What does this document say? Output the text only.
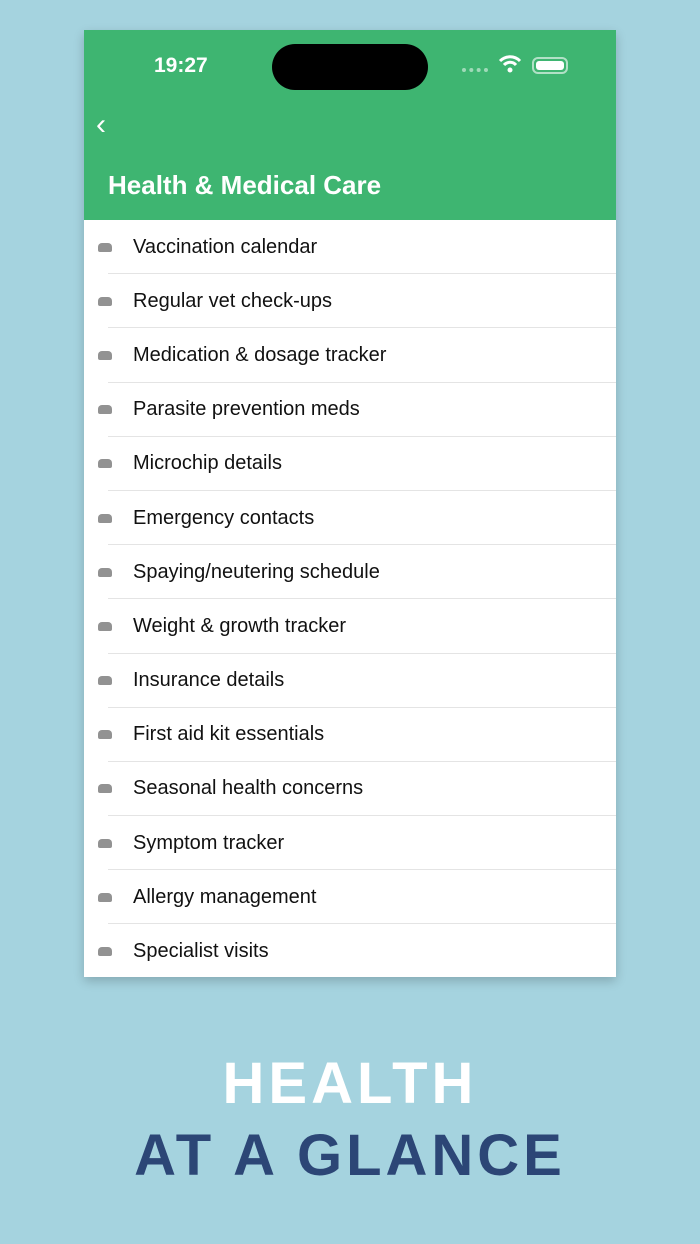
19:27
‹
Health & Medical Care
Vaccination calendar
Regular vet check-ups
Medication & dosage tracker
Parasite prevention meds
Microchip details
Emergency contacts
Spaying/neutering schedule
Weight & growth tracker
Insurance details
First aid kit essentials
Seasonal health concerns
Symptom tracker
Allergy management
Specialist visits
HEALTH
AT A GLANCE
